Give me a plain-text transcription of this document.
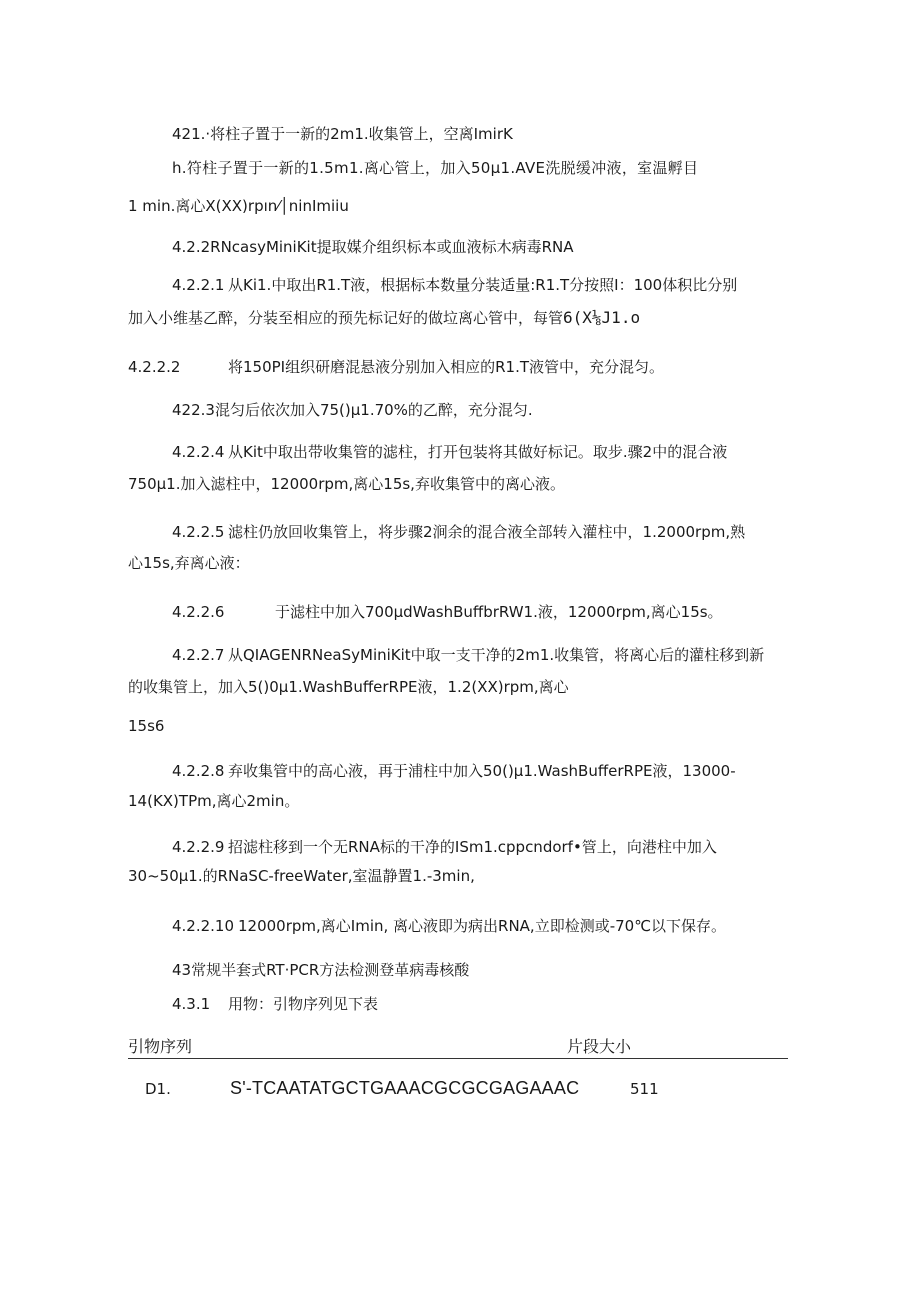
421.·将柱子置于一新的2m1.收集管上，空离ImirK
h.符柱子置于一新的1.5m1.离心管上，加入50μ1.AVE洗脱缓冲液，室温孵目
1 min.离心X(XX)rpın⁄│ninImiiu
4.2.2RNcasyMiniKit提取媒介组织标本或血液标木病毒RNA
4.2.2.1 从Ki1.中取出R1.T液，根据标本数量分装适量:R1.T分按照I：100体积比分别
加入小维基乙醉，分装至相应的预先标记好的做垃离心管中，每管6(X⅛J1.o
4.2.2.2	将150PI组织研磨混悬液分别加入相应的R1.T液管中，充分混匀。
422.3混匀后依次加入75()μ1.70%的乙醉，充分混匀.
4.2.2.4 从Kit中取出带收集管的滤柱，打开包装将其做好标记。取步.骤2中的混合液
750μ1.加入滤柱中，12000rpm,离心15s,弃收集管中的离心液。
4.2.2.5 滤柱仍放回收集管上，将步骤2涧余的混合液全部转入灌柱中，1.2000rpm,熟
心15s,弃离心液：
4.2.2.6	于滤柱中加入700μdWashBuffbrRW1.液，12000rpm,离心15s。
4.2.2.7 从QIAGENRNeaSyMiniKit中取一支干净的2m1.收集管，将离心后的灌柱移到新
的收集管上，加入5()0μ1.WashBufferRPE液，1.2(XX)rpm,离心
15s6
4.2.2.8 弃收集管中的高心液，再于浦柱中加入50()μ1.WashBufferRPE液，13000-
14(KX)TPm,离心2min。
4.2.2.9 招滤柱移到一个无RNA标的干净的ISm1.cppcndorf•管上，向港柱中加入
30~50μ1.的RNaSC-freeWater,室温静置1.-3min,
4.2.2.10 12000rpm,离心Imin, 离心液即为病出RNA,立即检测或-70℃以下保存。
43常规半套式RT·PCR方法检测登革病毒核酸
4.3.1 用物：引物序列见下表
引物序列	片段大小
D1.	S'-TCAATATGCTGAAACGCGCGAGAAAC	511
